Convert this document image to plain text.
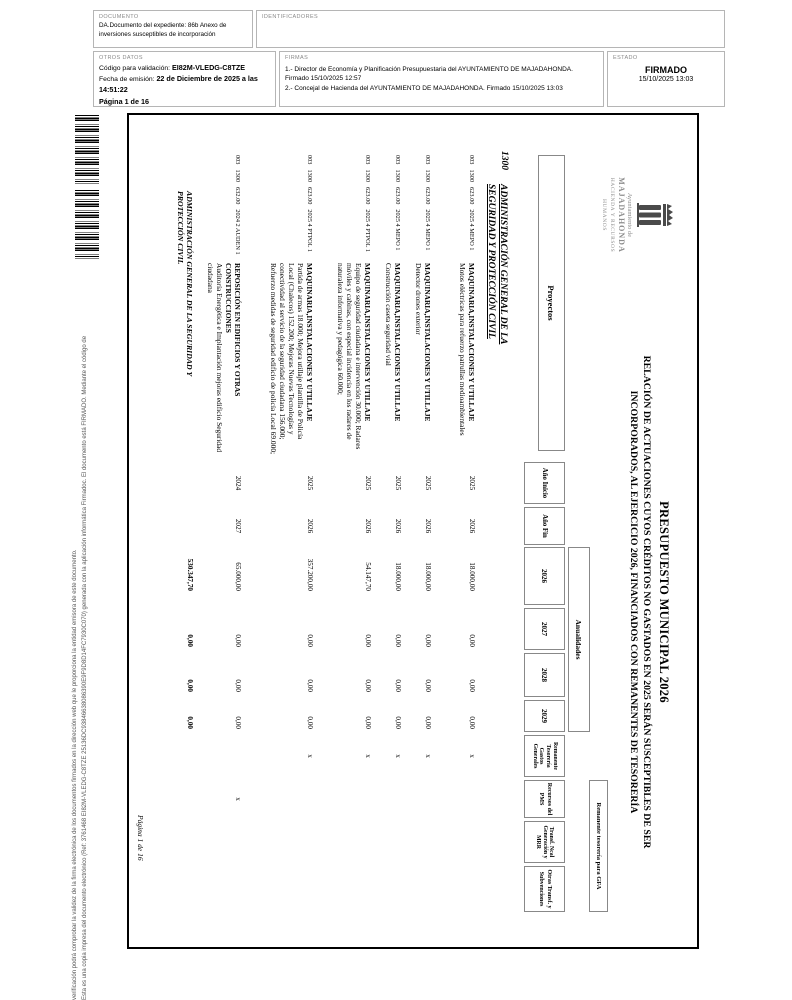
DOCUMENTO
DA.Documento del expediente: 86b Anexo de inversiones susceptibles de incorporación
IDENTIFICADORES
OTROS DATOS
Código para validación: EI82M-VLEDG-C8TZE
Fecha de emisión: 22 de Diciembre de 2025 a las 14:51:22
Página 1 de 16
FIRMAS
1.- Director de Economía y Planificación Presupuestaria del AYUNTAMIENTO DE MAJADAHONDA. Firmado 15/10/2025 12:57
2.- Concejal de Hacienda del AYUNTAMIENTO DE MAJADAHONDA. Firmado 15/10/2025 13:03
ESTADO
FIRMADO
15/10/2025 13:03
Esta es una copia impresa del documento electrónico (Ref: 3761468 EI82M-VLEDG-C8TZE 25136DC93846638086390E9F9D8D14FC7930C070) generada con la aplicación informática Firmadoc. El documento está FIRMADO. Mediante el código de
verificación podrá comprobar la validez de la firma electrónica de los documentos firmados en la dirección web que le proporciona la entidad emisora de este documento.
Ayuntamiento de
MAJADAHONDA
HACIENDA Y RECURSOS
HUMANOS
PRESUPUESTO MUNICIPAL 2026
RELACIÓN DE ACTUACIONES CUYOS CRÉDITOS NO GASTADOS EN 2025 SERÁN SUSCEPTIBLES DE SER
INCORPORADOS, AL EJERCICIO 2026, FINANCIADOS CON REMANENTES DE TESORERÍA
Proyectos
Año Inicio
Año Fin
Anualidades
2026
2027
2028
2029
Remanente Tesorería Gastos Generales
Remanente tesorería para GFA
Recursos del PMS
Transf. Ncal Generación y MRR
Otras Transf. y Subvenciones
1300
ADMINISTRACIÓN GENERAL DE LA SEGURIDAD Y PROTECCIÓN CIVIL
003
1300
623.00
2025 4 MEPO 1
MAQUINARIA,INSTALACIONES Y UTILLAJE
Motos eléctricas para refuerzo patrullas medioambientales
2025
2026
18.000,00
0,00
0,00
0,00
x
003
1300
623.00
2025 4 MEPO 1
MAQUINARIA,INSTALACIONES Y UTILLAJE
Detector drones exterior
2025
2026
18.000,00
0,00
0,00
0,00
x
003
1300
623.00
2025 4 MEPO 1
MAQUINARIA,INSTALACIONES Y UTILLAJE
Construcción caseta seguridad vial
2025
2026
18.000,00
0,00
0,00
0,00
x
003
1300
623.00
2025 4 PTPOL 1
MAQUINARIA,INSTALACIONES Y UTILLAJE
Equipo de seguridad ciudadana e intervención 30.000; Radares móviles y cabinas, con especial incidencia en los radares de naturaleza informativa y pedagógica 60.000;
2025
2026
54.147,70
0,00
0,00
0,00
x
003
1300
623.00
2025 4 PTPOL 1
MAQUINARIA,INSTALACIONES Y UTILLAJE
Partida de armas 18.000; Mejora utillaje plantilla de Policía Local (Chalecos) 152.200; Mejoras Nuevas Tecnologías y conectividad al servicio de la seguridad ciudadana 156.000; Refuerzo medidas de seguridad edificio de policía Local 69.000;
2025
2026
357.200,00
0,00
0,00
0,00
x
003
1300
632.00
2024 2 AUDEN 1
REPOSICIÓN EN EDIFICIOS Y OTRAS CONSTRUCCIONES
Auditoría Energética e Implantación mejoras edificio Seguridad ciudadana
2024
2027
65.000,00
0,00
0,00
0,00
x
ADMINISTRACIÓN GENERAL DE LA SEGURIDAD Y PROTECCIÓN CIVIL
530.347,70
0,00
0,00
0,00
Página 1 de 16
